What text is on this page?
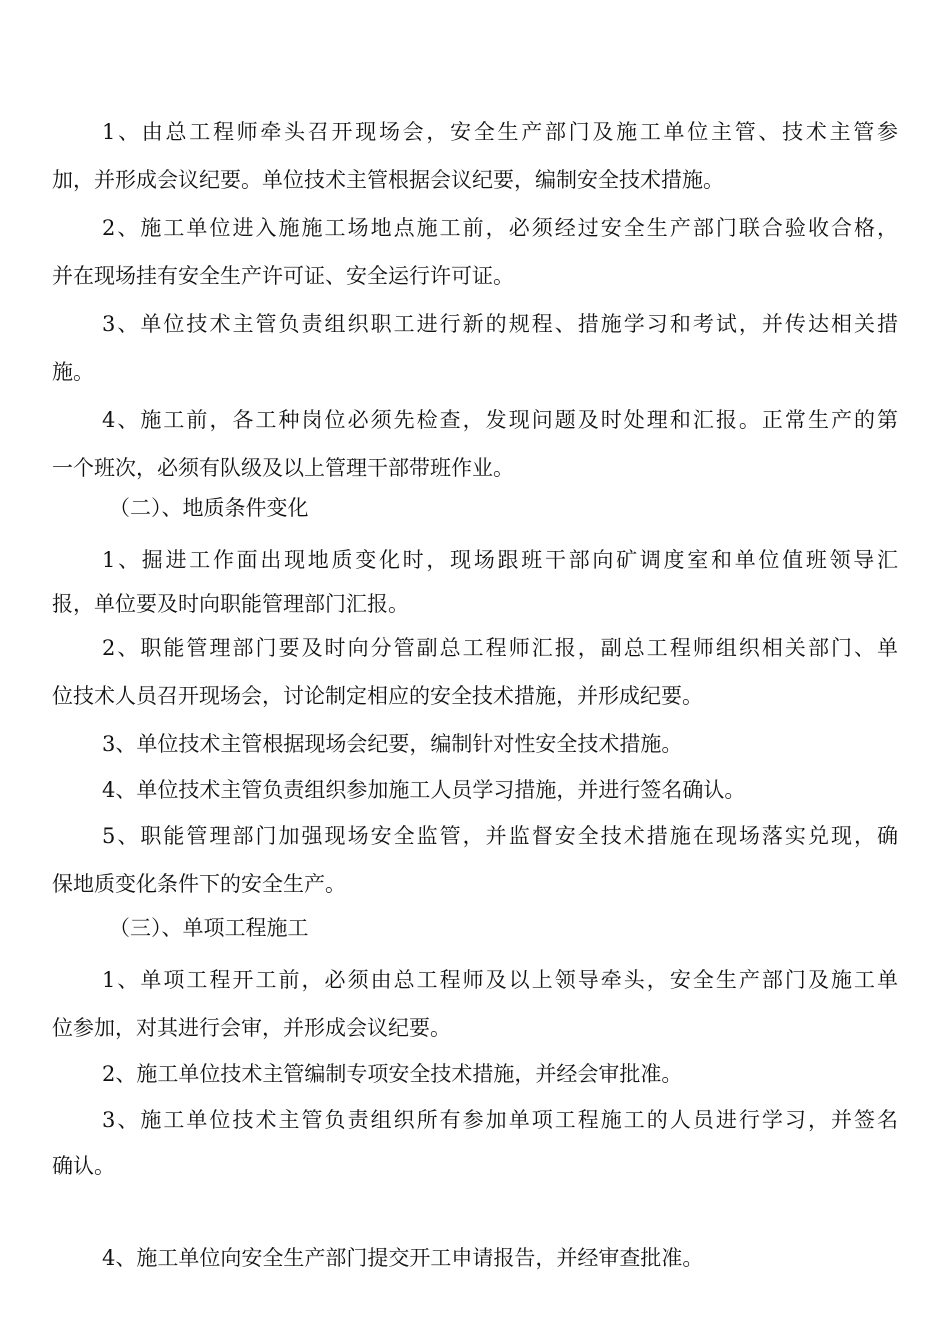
1、由总工程师牵头召开现场会，安全生产部门及施工单位主管、技术主管参
加，并形成会议纪要。单位技术主管根据会议纪要，编制安全技术措施。
2、施工单位进入施施工场地点施工前，必须经过安全生产部门联合验收合格，
并在现场挂有安全生产许可证、安全运行许可证。
3、单位技术主管负责组织职工进行新的规程、措施学习和考试，并传达相关措
施。
4、施工前，各工种岗位必须先检查，发现问题及时处理和汇报。正常生产的第
一个班次，必须有队级及以上管理干部带班作业。
（二）、地质条件变化
1、掘进工作面出现地质变化时，现场跟班干部向矿调度室和单位值班领导汇
报，单位要及时向职能管理部门汇报。
2、职能管理部门要及时向分管副总工程师汇报，副总工程师组织相关部门、单
位技术人员召开现场会，讨论制定相应的安全技术措施，并形成纪要。
3、单位技术主管根据现场会纪要，编制针对性安全技术措施。
4、单位技术主管负责组织参加施工人员学习措施，并进行签名确认。
5、职能管理部门加强现场安全监管，并监督安全技术措施在现场落实兑现，确
保地质变化条件下的安全生产。
（三）、单项工程施工
1、单项工程开工前，必须由总工程师及以上领导牵头，安全生产部门及施工单
位参加，对其进行会审，并形成会议纪要。
2、施工单位技术主管编制专项安全技术措施，并经会审批准。
3、施工单位技术主管负责组织所有参加单项工程施工的人员进行学习，并签名
确认。
4、施工单位向安全生产部门提交开工申请报告，并经审查批准。
